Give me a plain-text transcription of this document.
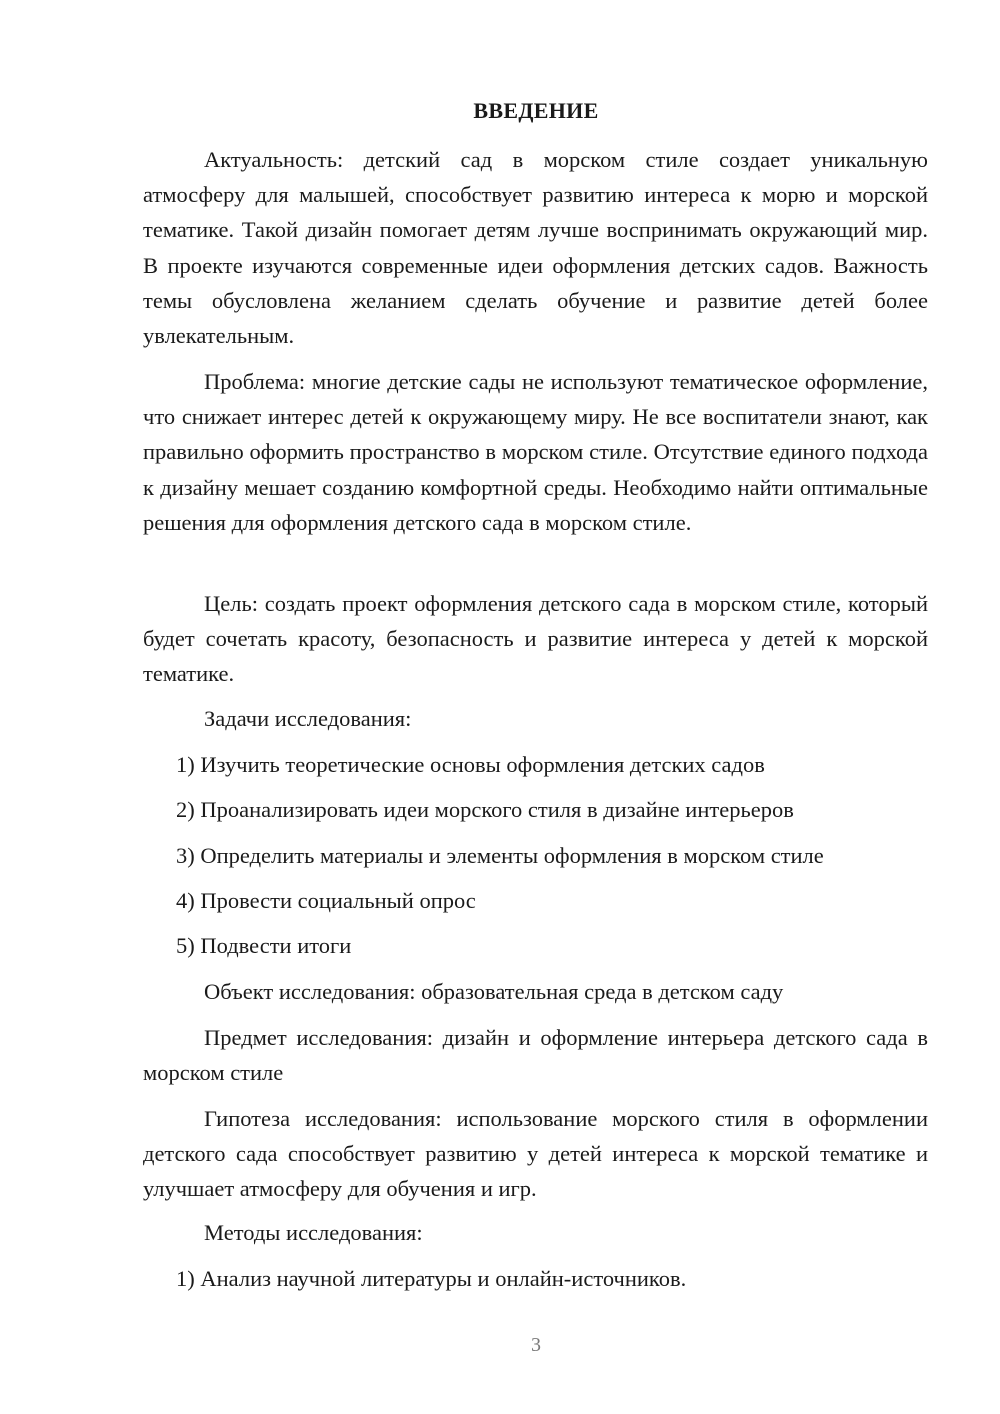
ВВЕДЕНИЕ

Актуальность: детский сад в морском стиле создает уникальную атмосферу для малышей, способствует развитию интереса к морю и морской тематике. Такой дизайн помогает детям лучше воспринимать окружающий мир. В проекте изучаются современные идеи оформления детских садов. Важность темы обусловлена желанием сделать обучение и развитие детей более увлекательным.

Проблема: многие детские сады не используют тематическое оформление, что снижает интерес детей к окружающему миру. Не все воспитатели знают, как правильно оформить пространство в морском стиле. Отсутствие единого подхода к дизайну мешает созданию комфортной среды. Необходимо найти оптимальные решения для оформления детского сада в морском стиле.

Цель: создать проект оформления детского сада в морском стиле, который будет сочетать красоту, безопасность и развитие интереса у детей к морской тематике.

Задачи исследования:

1) Изучить теоретические основы оформления детских садов

2) Проанализировать идеи морского стиля в дизайне интерьеров

3) Определить материалы и элементы оформления в морском стиле

4) Провести социальный опрос

5) Подвести итоги

Объект исследования: образовательная среда в детском саду

Предмет исследования: дизайн и оформление интерьера детского сада в морском стиле

Гипотеза исследования: использование морского стиля в оформлении детского сада способствует развитию у детей интереса к морской тематике и улучшает атмосферу для обучения и игр.

Методы исследования:

1) Анализ научной литературы и онлайн-источников.

3
